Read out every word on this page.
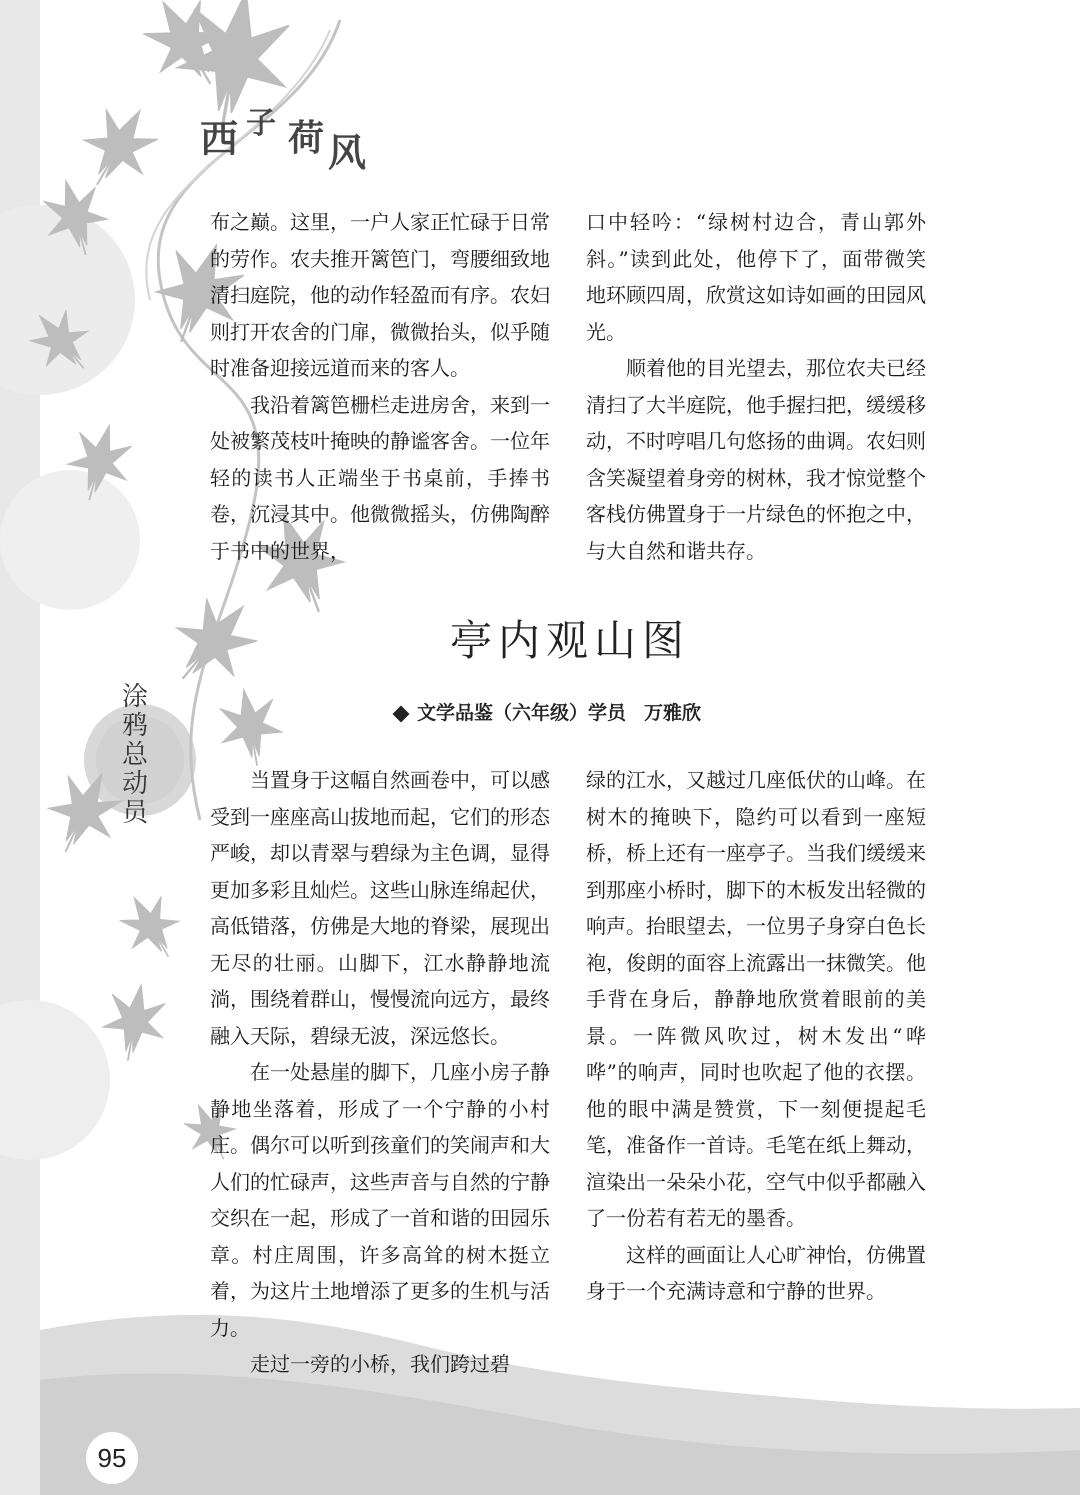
西 子 荷 风

布之巅。这里，一户人家正忙碌于日常的劳作。农夫推开篱笆门，弯腰细致地清扫庭院，他的动作轻盈而有序。农妇则打开农舍的门扉，微微抬头，似乎随时准备迎接远道而来的客人。

我沿着篱笆栅栏走进房舍，来到一处被繁茂枝叶掩映的静谧客舍。一位年轻的读书人正端坐于书桌前，手捧书卷，沉浸其中。他微微摇头，仿佛陶醉于书中的世界，

口中轻吟：“绿树村边合，青山郭外斜。”读到此处，他停下了，面带微笑地环顾四周，欣赏这如诗如画的田园风光。

顺着他的目光望去，那位农夫已经清扫了大半庭院，他手握扫把，缓缓移动，不时哼唱几句悠扬的曲调。农妇则含笑凝望着身旁的树林，我才惊觉整个客栈仿佛置身于一片绿色的怀抱之中，与大自然和谐共存。

亭内观山图
文学品鉴（六年级）学员 万雅欣
涂
鸦
总
动
员

当置身于这幅自然画卷中，可以感受到一座座高山拔地而起，它们的形态严峻，却以青翠与碧绿为主色调，显得更加多彩且灿烂。这些山脉连绵起伏，高低错落，仿佛是大地的脊梁，展现出无尽的壮丽。山脚下，江水静静地流淌，围绕着群山，慢慢流向远方，最终融入天际，碧绿无波，深远悠长。

在一处悬崖的脚下，几座小房子静静地坐落着，形成了一个宁静的小村庄。偶尔可以听到孩童们的笑闹声和大人们的忙碌声，这些声音与自然的宁静交织在一起，形成了一首和谐的田园乐章。村庄周围，许多高耸的树木挺立着，为这片土地增添了更多的生机与活力。

走过一旁的小桥，我们跨过碧

绿的江水，又越过几座低伏的山峰。在树木的掩映下，隐约可以看到一座短桥，桥上还有一座亭子。当我们缓缓来到那座小桥时，脚下的木板发出轻微的响声。抬眼望去，一位男子身穿白色长袍，俊朗的面容上流露出一抹微笑。他手背在身后，静静地欣赏着眼前的美景。一阵微风吹过，树木发出“哗哗”的响声，同时也吹起了他的衣摆。他的眼中满是赞赏，下一刻便提起毛笔，准备作一首诗。毛笔在纸上舞动，渲染出一朵朵小花，空气中似乎都融入了一份若有若无的墨香。

这样的画面让人心旷神怡，仿佛置身于一个充满诗意和宁静的世界。

95
